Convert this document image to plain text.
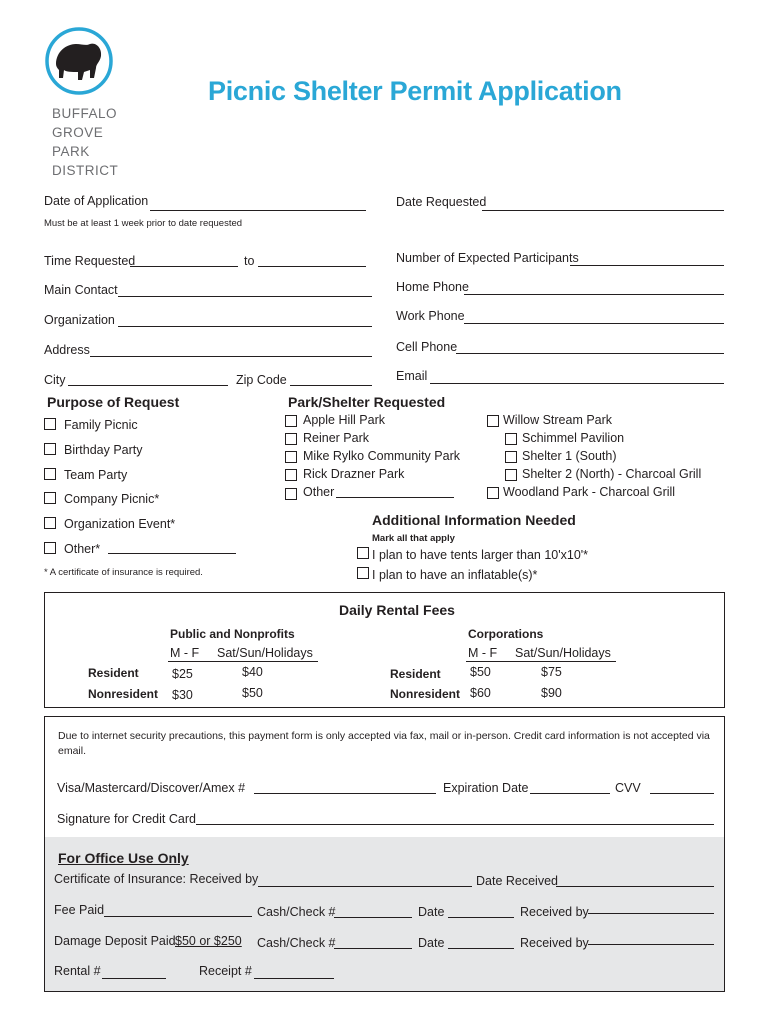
BUFFALO
GROVE
PARK
DISTRICT
Picnic Shelter Permit Application
Date of Application	Date Requested
Must be at least 1 week prior to date requested
Time Requested	to	Number of Expected Participants
Main Contact	Home Phone
Organization	Work Phone
Address	Cell Phone
City	Zip Code	Email
Purpose of Request
Family Picnic
Birthday Party
Team Party
Company Picnic*
Organization Event*
Other*
* A certificate of insurance is required.
Park/Shelter Requested
Apple Hill Park
Reiner Park
Mike Rylko Community Park
Rick Drazner Park
Other
Willow Stream Park
Schimmel Pavilion
Shelter 1 (South)
Shelter 2 (North) - Charcoal Grill
Woodland Park - Charcoal Grill
Additional Information Needed
Mark all that apply
I plan to have tents larger than 10'x10'*
I plan to have an inflatable(s)*
Daily Rental Fees
Public and Nonprofits
M - F Sat/Sun/Holidays
Resident	$25	$40
Nonresident $30	$50
Corporations
M - F Sat/Sun/Holidays
Resident $50	$75
Nonresident $60	$90
Due to internet security precautions, this payment form is only accepted via fax, mail or in-person. Credit card information is not accepted via email.
Visa/Mastercard/Discover/Amex #	Expiration Date	CVV
Signature for Credit Card
For Office Use Only
Certificate of Insurance: Received by	Date Received
Fee Paid	Cash/Check #	Date	Received by
Damage Deposit Paid $50 or $250 Cash/Check #	Date	Received by
Rental #	Receipt #
